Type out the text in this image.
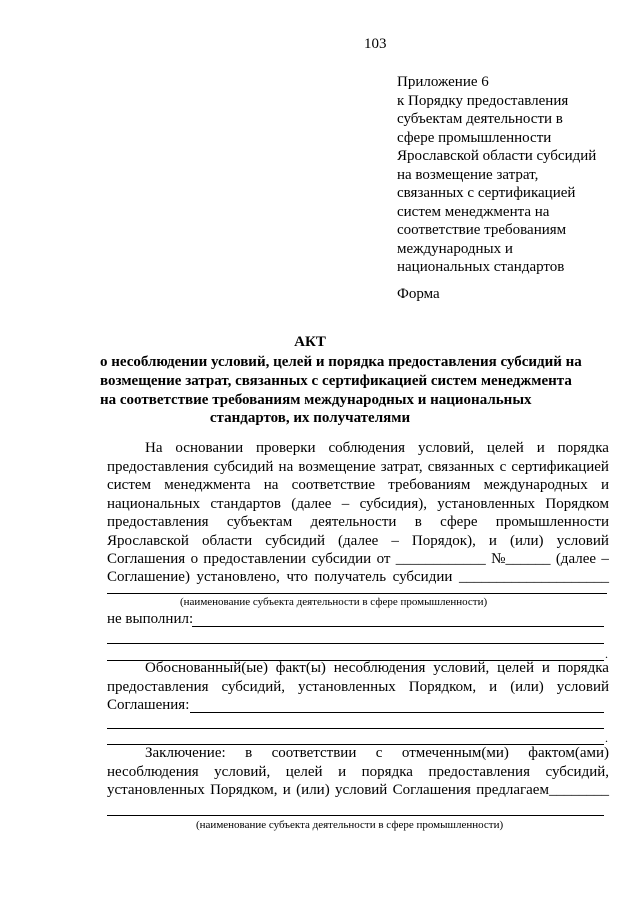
103
Приложение 6
к Порядку предоставления
субъектам деятельности в
сфере промышленности
Ярославской области субсидий
на возмещение затрат,
связанных с сертификацией
систем менеджмента на
соответствие требованиям
международных и
национальных стандартов
Форма
АКТ
о несоблюдении условий, целей и порядка предоставления субсидий на
возмещение затрат, связанных с сертификацией систем менеджмента
на соответствие требованиям международных и национальных
стандартов, их получателями
На основании проверки соблюдения условий, целей и порядка
предоставления субсидий на возмещение затрат, связанных с сертификацией
систем менеджмента на соответствие требованиям международных и
национальных стандартов (далее – субсидия), установленных Порядком
предоставления субъектам деятельности в сфере промышленности
Ярославской области субсидий (далее – Порядок), и (или) условий
Соглашения о предоставлении субсидии от ____________ №______ (далее –
Соглашение) установлено, что получатель субсидии ____________________
(наименование субъекта деятельности в сфере промышленности)
не выполнил:
.
Обоснованный(ые) факт(ы) несоблюдения условий, целей и порядка
предоставления субсидий, установленных Порядком, и (или) условий
Соглашения:
.
Заключение: в соответствии с отмеченным(ми) фактом(ами)
несоблюдения условий, целей и порядка предоставления субсидий,
установленных Порядком, и (или) условий Соглашения предлагаем________
(наименование субъекта деятельности в сфере промышленности)
